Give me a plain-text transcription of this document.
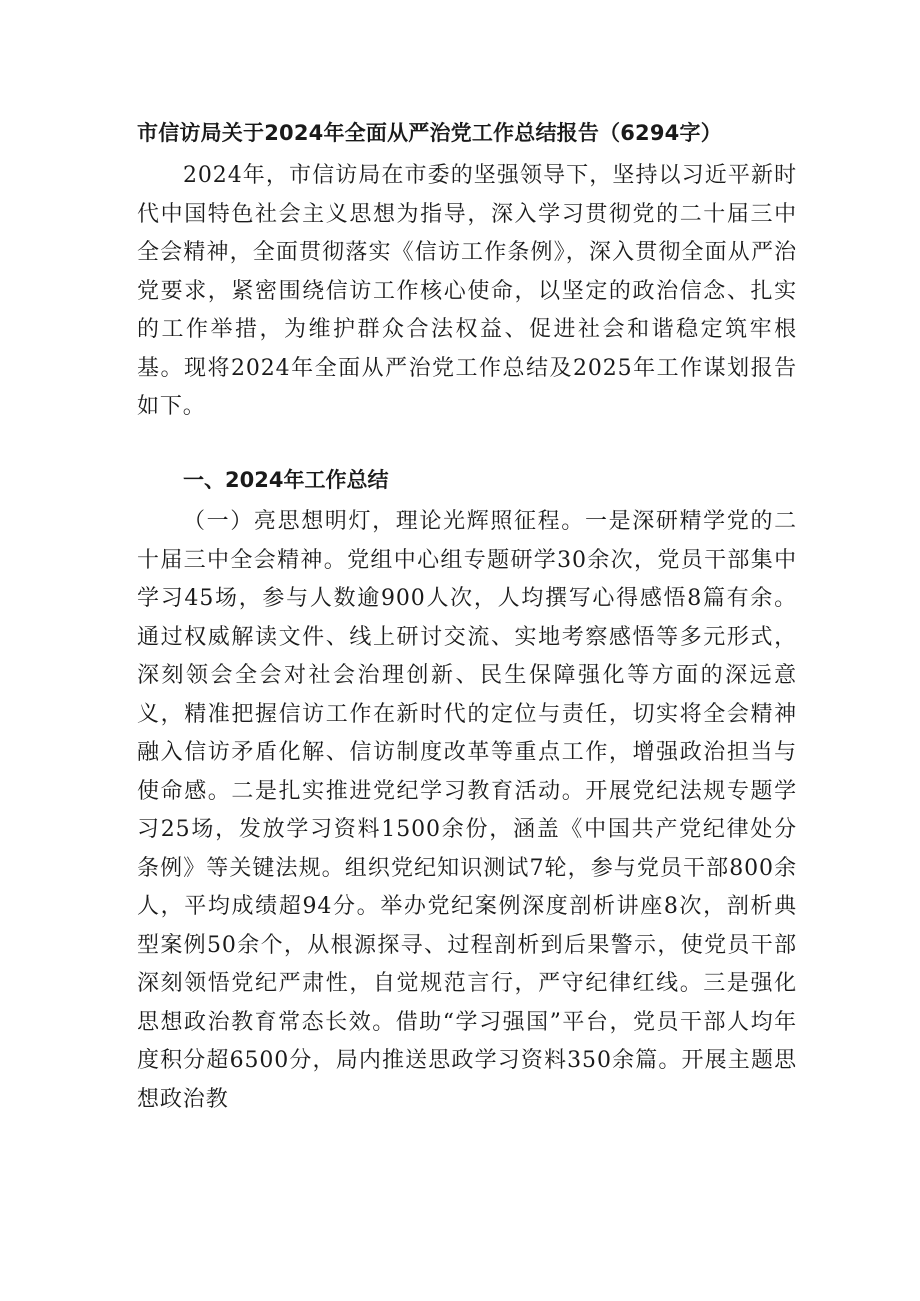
市信访局关于2024年全面从严治党工作总结报告（6294字）

2024年，市信访局在市委的坚强领导下，坚持以习近平新时代中国特色社会主义思想为指导，深入学习贯彻党的二十届三中全会精神，全面贯彻落实《信访工作条例》，深入贯彻全面从严治党要求，紧密围绕信访工作核心使命，以坚定的政治信念、扎实的工作举措，为维护群众合法权益、促进社会和谐稳定筑牢根基。现将2024年全面从严治党工作总结及2025年工作谋划报告如下。

一、2024年工作总结

（一）亮思想明灯，理论光辉照征程。一是深研精学党的二十届三中全会精神。党组中心组专题研学30余次，党员干部集中学习45场，参与人数逾900人次，人均撰写心得感悟8篇有余。通过权威解读文件、线上研讨交流、实地考察感悟等多元形式，深刻领会全会对社会治理创新、民生保障强化等方面的深远意义，精准把握信访工作在新时代的定位与责任，切实将全会精神融入信访矛盾化解、信访制度改革等重点工作，增强政治担当与使命感。二是扎实推进党纪学习教育活动。开展党纪法规专题学习25场，发放学习资料1500余份，涵盖《中国共产党纪律处分条例》等关键法规。组织党纪知识测试7轮，参与党员干部800余人，平均成绩超94分。举办党纪案例深度剖析讲座8次，剖析典型案例50余个，从根源探寻、过程剖析到后果警示，使党员干部深刻领悟党纪严肃性，自觉规范言行，严守纪律红线。三是强化思想政治教育常态长效。借助“学习强国”平台，党员干部人均年度积分超6500分，局内推送思政学习资料350余篇。开展主题思想政治教
